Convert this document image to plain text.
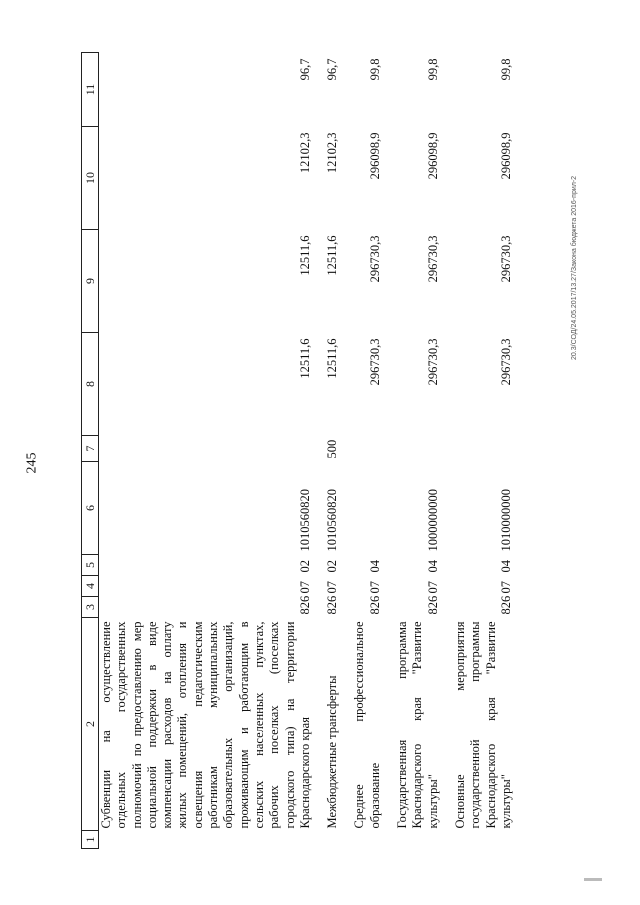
245
1	2	3	4	5	6	7	8	9	10	11
	Субвенции на осуществление отдельных государственных полномочий по предоставлению мер социальной поддержки в виде компенсации расходов на оплату жилых помещений, отопления и освещения педагогическим работникам муниципальных образовательных организаций, проживающим и работающим в сельских населенных пунктах, рабочих поселках (поселках городского типа) на территории Краснодарского края	826	07	02	1010560820		12511,6	12511,6	12102,3	96,7

	Межбюджетные трансферты	826	07	02	1010560820	500	12511,6	12511,6	12102,3	96,7

	Среднее профессиональное образование	826	07	04			296730,3	296730,3	296098,9	99,8

	Государственная программа Краснодарского края "Развитие культуры"	826	07	04	1000000000		296730,3	296730,3	296098,9	99,8

	Основные мероприятия государственной программы Краснодарского края "Развитие культуры"	826	07	04	1010000000		296730,3	296730,3	296098,9	99,8
20.3/СОД/24.05.2017/13.27/Закона бюджета 2016-прил-2
